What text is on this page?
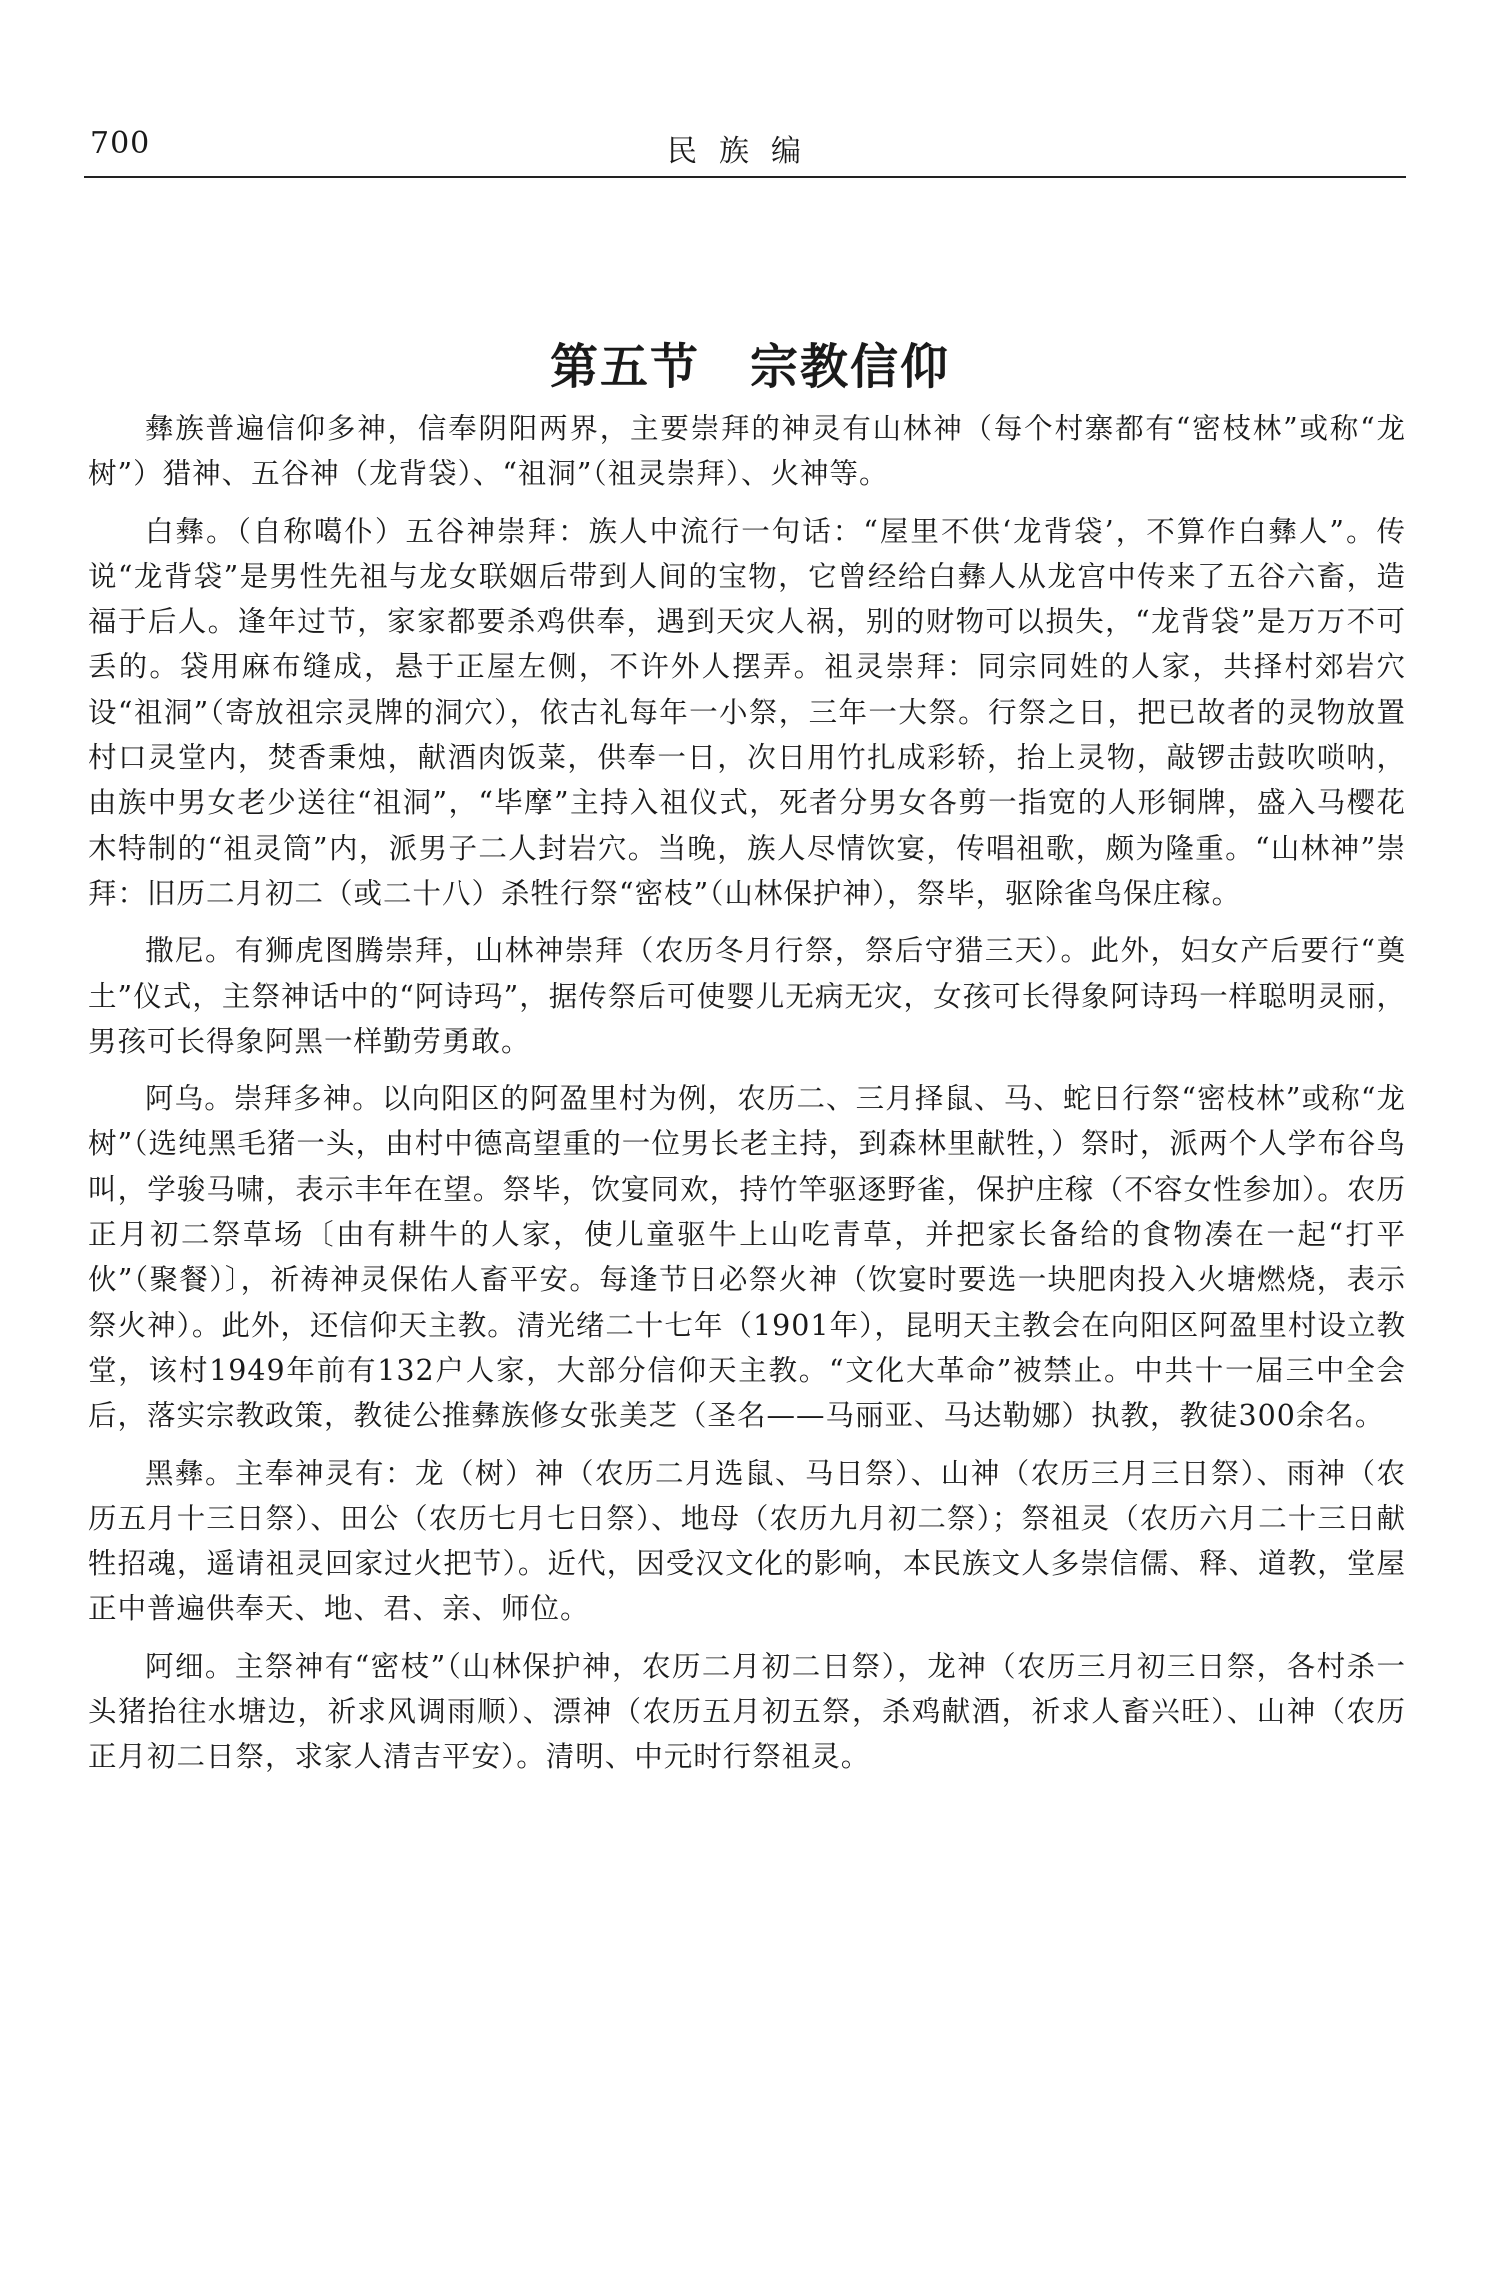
700	民族编
第五节　宗教信仰

彝族普遍信仰多神，信奉阴阳两界，主要崇拜的神灵有山林神（每个村寨都有“密枝林”或称“龙树”）猎神、五谷神（龙背袋）、“祖洞”（祖灵崇拜）、火神等。

白彝。（自称噶仆）五谷神崇拜：族人中流行一句话：“屋里不供‘龙背袋’，不算作白彝人”。传说“龙背袋”是男性先祖与龙女联姻后带到人间的宝物，它曾经给白彝人从龙宫中传来了五谷六畜，造福于后人。逢年过节，家家都要杀鸡供奉，遇到天灾人祸，别的财物可以损失，“龙背袋”是万万不可丢的。袋用麻布缝成，悬于正屋左侧，不许外人摆弄。祖灵崇拜：同宗同姓的人家，共择村郊岩穴设“祖洞”（寄放祖宗灵牌的洞穴），依古礼每年一小祭，三年一大祭。行祭之日，把已故者的灵物放置村口灵堂内，焚香秉烛，献酒肉饭菜，供奉一日，次日用竹扎成彩轿，抬上灵物，敲锣击鼓吹唢呐，由族中男女老少送往“祖洞”，“毕摩”主持入祖仪式，死者分男女各剪一指宽的人形铜牌，盛入马樱花木特制的“祖灵筒”内，派男子二人封岩穴。当晚，族人尽情饮宴，传唱祖歌，颇为隆重。“山林神”崇拜：旧历二月初二（或二十八）杀牲行祭“密枝”（山林保护神），祭毕，驱除雀鸟保庄稼。

撒尼。有狮虎图腾崇拜，山林神崇拜（农历冬月行祭，祭后守猎三天）。此外，妇女产后要行“奠土”仪式，主祭神话中的“阿诗玛”，据传祭后可使婴儿无病无灾，女孩可长得象阿诗玛一样聪明灵丽，男孩可长得象阿黑一样勤劳勇敢。

阿乌。崇拜多神。以向阳区的阿盈里村为例，农历二、三月择鼠、马、蛇日行祭“密枝林”或称“龙树”（选纯黑毛猪一头，由村中德高望重的一位男长老主持，到森林里献牲，）祭时，派两个人学布谷鸟叫，学骏马啸，表示丰年在望。祭毕，饮宴同欢，持竹竿驱逐野雀，保护庄稼（不容女性参加）。农历正月初二祭草场〔由有耕牛的人家，使儿童驱牛上山吃青草，并把家长备给的食物凑在一起“打平伙”（聚餐）〕，祈祷神灵保佑人畜平安。每逢节日必祭火神（饮宴时要选一块肥肉投入火塘燃烧，表示祭火神）。此外，还信仰天主教。清光绪二十七年（1901年），昆明天主教会在向阳区阿盈里村设立教堂，该村1949年前有132户人家，大部分信仰天主教。“文化大革命”被禁止。中共十一届三中全会后，落实宗教政策，教徒公推彝族修女张美芝（圣名——马丽亚、马达勒娜）执教，教徒300余名。

黑彝。主奉神灵有：龙（树）神（农历二月选鼠、马日祭）、山神（农历三月三日祭）、雨神（农历五月十三日祭）、田公（农历七月七日祭）、地母（农历九月初二祭）；祭祖灵（农历六月二十三日献牲招魂，遥请祖灵回家过火把节）。近代，因受汉文化的影响，本民族文人多崇信儒、释、道教，堂屋正中普遍供奉天、地、君、亲、师位。

阿细。主祭神有“密枝”（山林保护神，农历二月初二日祭），龙神（农历三月初三日祭，各村杀一头猪抬往水塘边，祈求风调雨顺）、漂神（农历五月初五祭，杀鸡献酒，祈求人畜兴旺）、山神（农历正月初二日祭，求家人清吉平安）。清明、中元时行祭祖灵。
